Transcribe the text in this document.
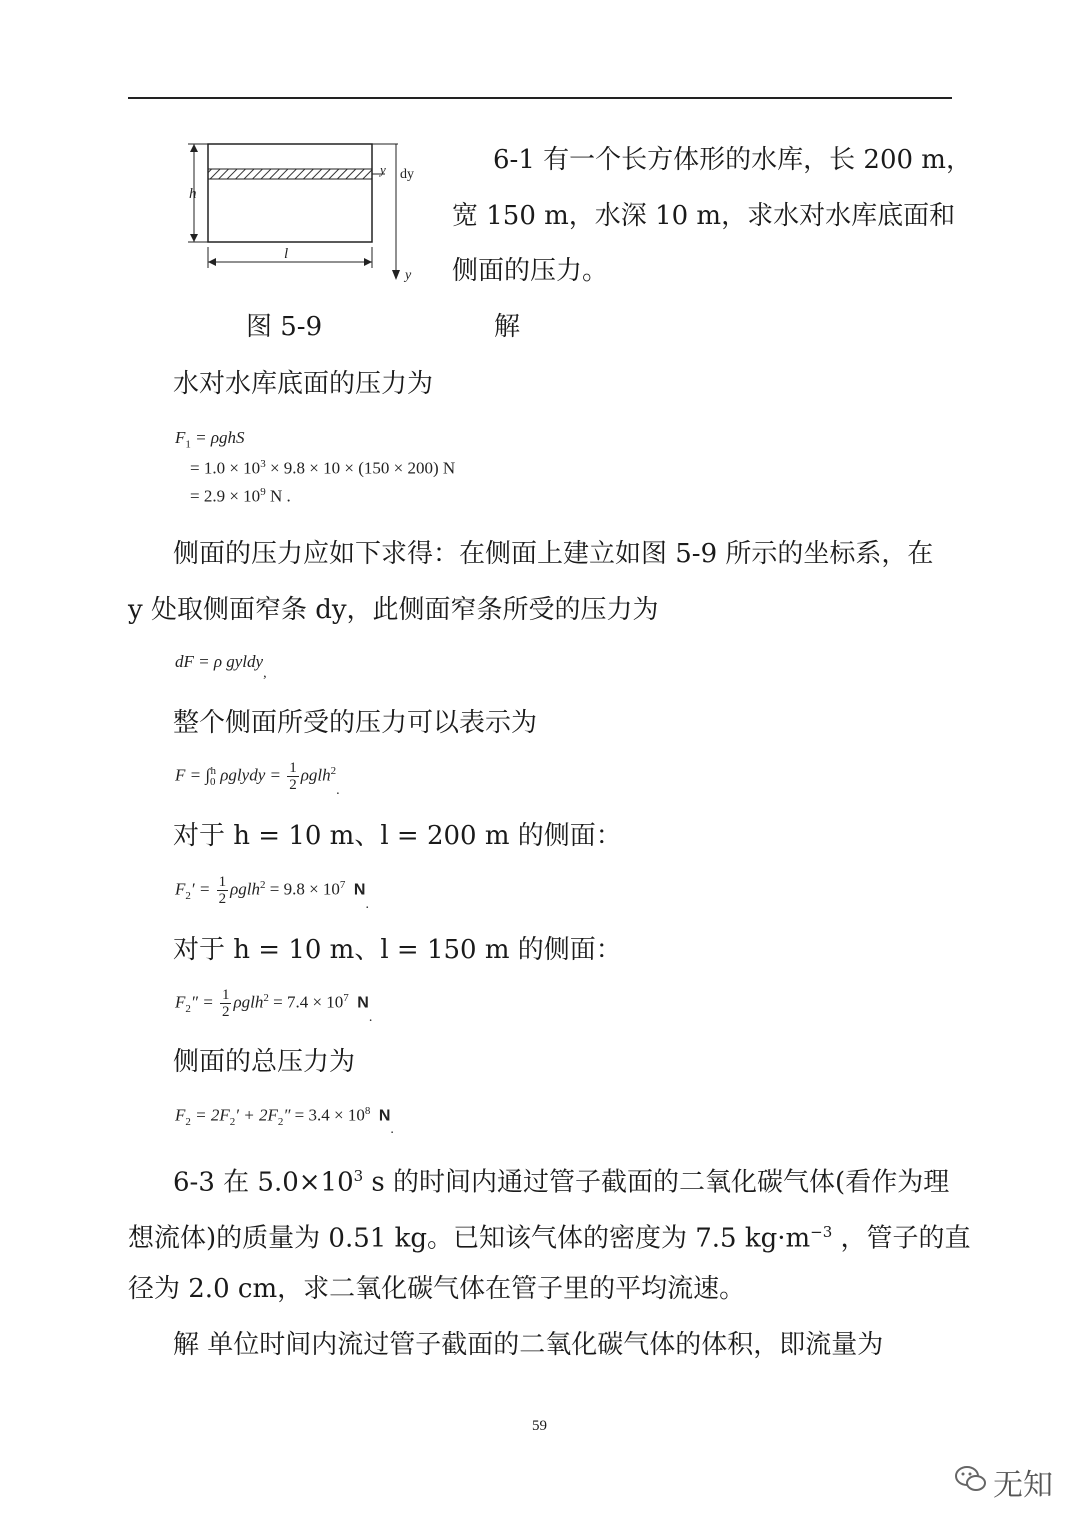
h
l
y dy
y
6-1 有一个长方体形的水库，长 200 m，
宽 150 m，水深 10 m，求水对水库底面和
侧面的压力。
图 5-9	解
水对水库底面的压力为
$F_1 = \rho ghS$
= $1.0 \times 10^3 \times 9.8 \times 10 \times (150 \times 200)$ N
= $2.9 \times 10^9$ N .
侧面的压力应如下求得：在侧面上建立如图 5-9 所示的坐标系，在
y 处取侧面窄条 dy，此侧面窄条所受的压力为
dF = ρ gyldy$_,$
整个侧面所受的压力可以表示为
$F = \int_0^h$ ρglydy = $\frac{1}{2} \rho glh^2_.$
对于 h = 10 m、l = 200 m 的侧面：
$F_2' = \frac{1}{2} \rho glh^2 = 9.8 \times 10^7$ $N_.$
对于 h = 10 m、l = 150 m 的侧面：
$F_2'' = \frac{1}{2} \rho glh^2 = 7.4 \times 10^7$ $N_.$
侧面的总压力为
$F_2 = 2F_2' + 2F_2'' = 3.4 \times 10^8$ $N_.$
6-3 在 $5.0\times 10^3$ s 的时间内通过管子截面的二氧化碳气体(看作为理
想流体)的质量为 0.51 kg。已知该气体的密度为 7.5 $kg\cdot m^{-3}$ ，管子的直
径为 2.0 cm，求二氧化碳气体在管子里的平均流速。
解 单位时间内流过管子截面的二氧化碳气体的体积，即流量为
59
无知
